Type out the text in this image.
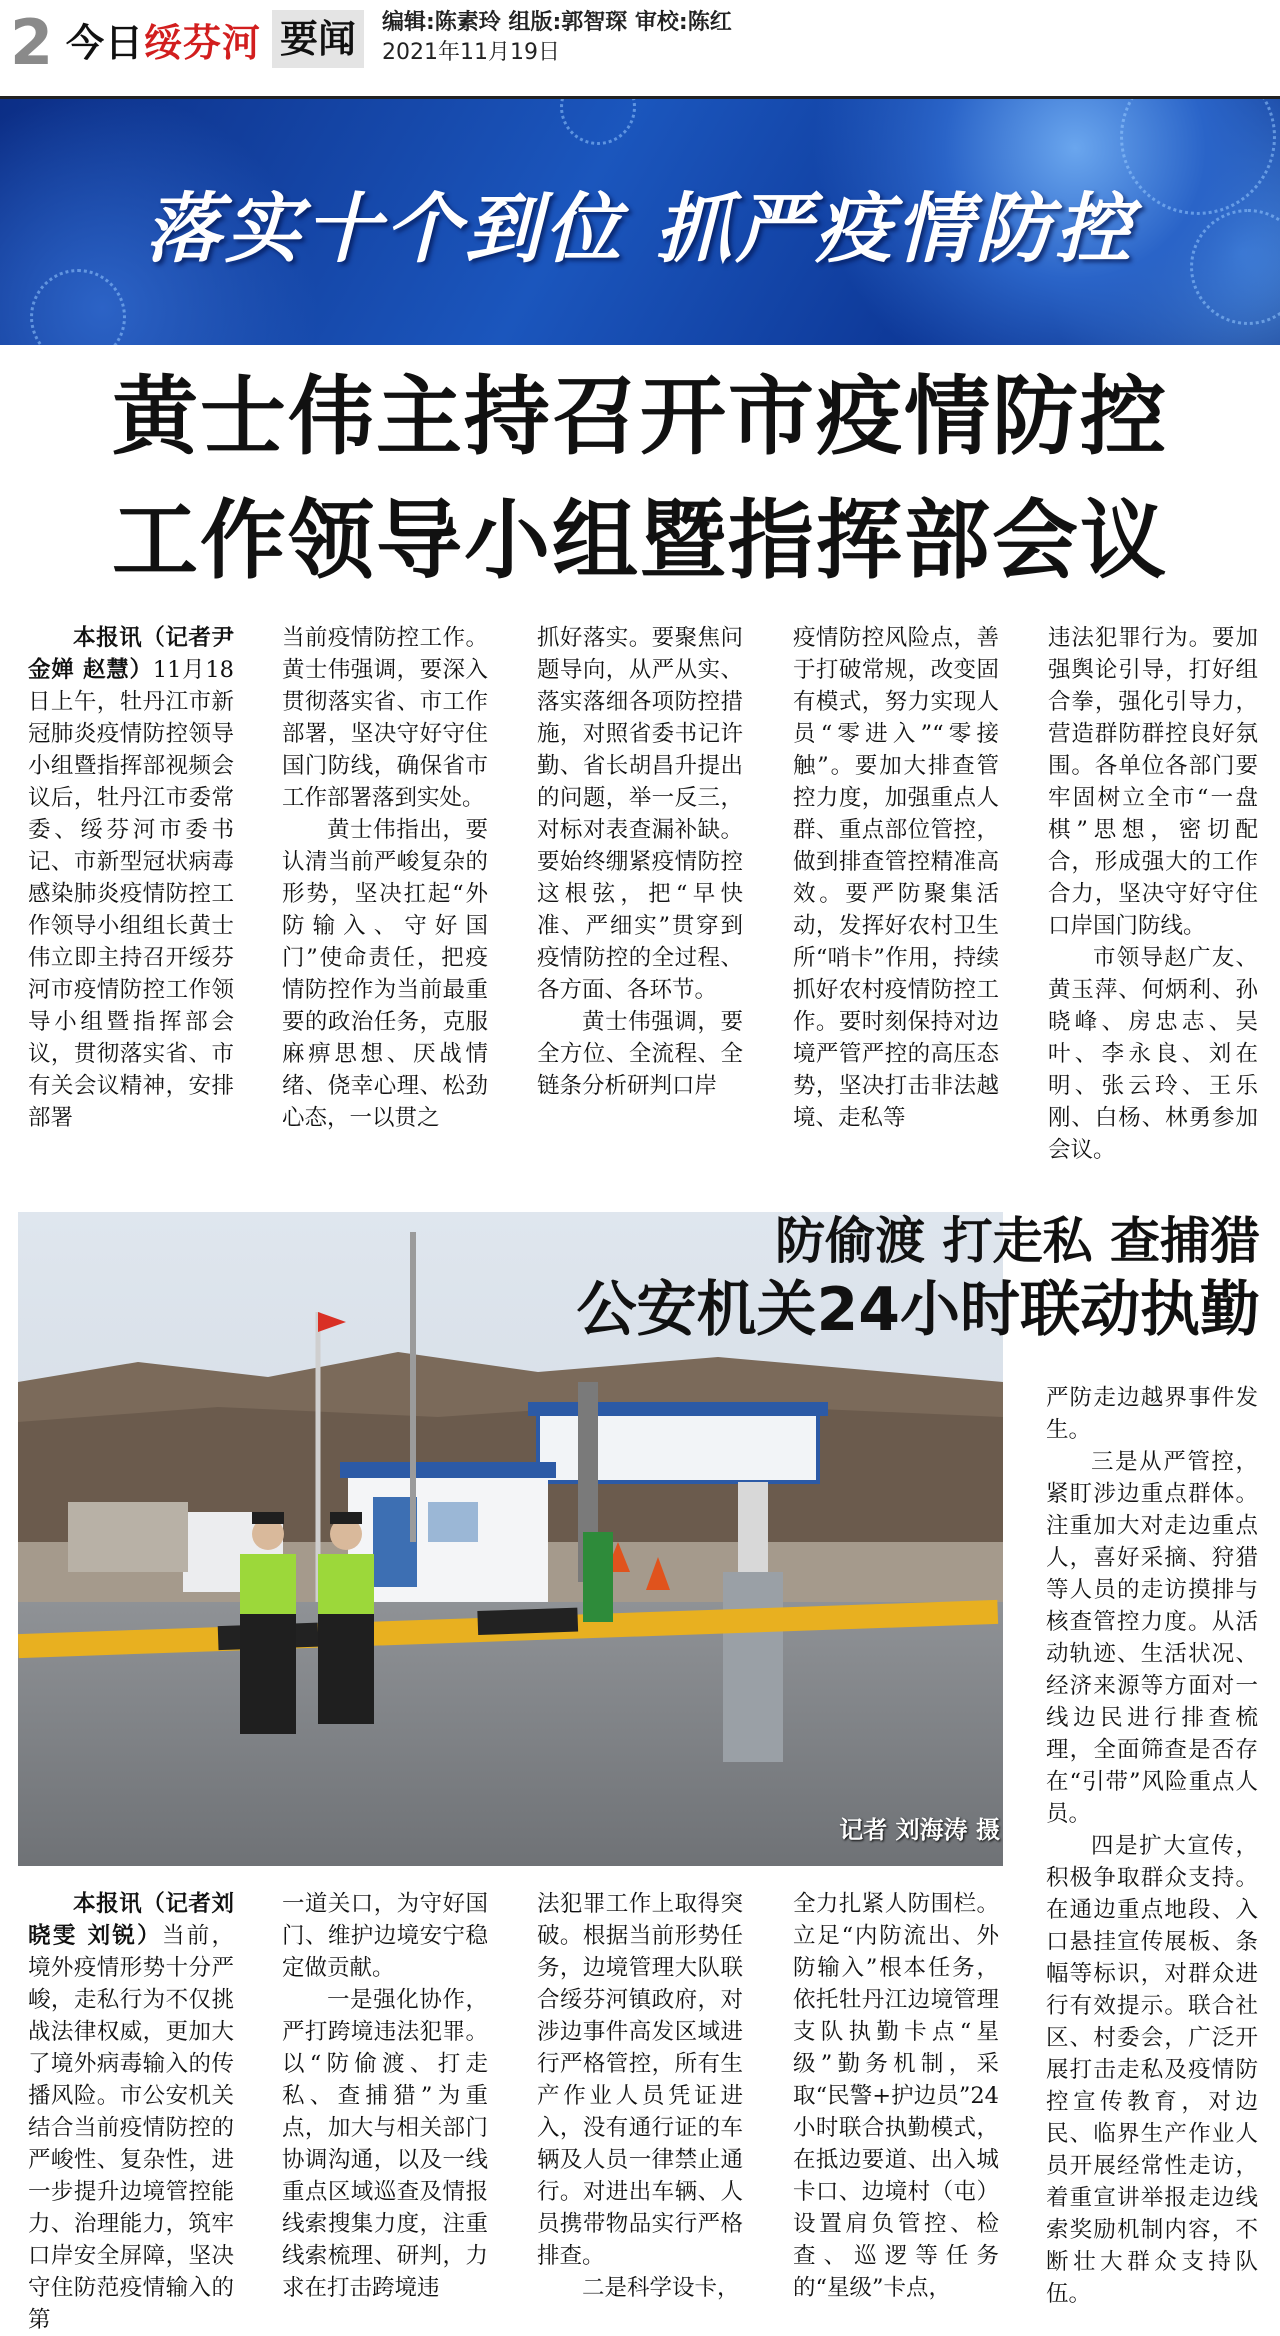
2 今日绥芬河 要闻	编辑:陈素玲 组版:郭智琛 审校:陈红
2021年11月19日
落实十个到位 抓严疫情防控
黄士伟主持召开市疫情防控
工作领导小组暨指挥部会议

本报讯（记者尹金婵 赵慧）11月18日上午，牡丹江市新冠肺炎疫情防控领导小组暨指挥部视频会议后，牡丹江市委常委、绥芬河市委书记、市新型冠状病毒感染肺炎疫情防控工作领导小组组长黄士伟立即主持召开绥芬河市疫情防控工作领导小组暨指挥部会议，贯彻落实省、市有关会议精神，安排部署

当前疫情防控工作。黄士伟强调，要深入贯彻落实省、市工作部署，坚决守好守住国门防线，确保省市工作部署落到实处。

黄士伟指出，要认清当前严峻复杂的形势，坚决扛起“外防输入、守好国门”使命责任，把疫情防控作为当前最重要的政治任务，克服麻痹思想、厌战情绪、侥幸心理、松劲心态，一以贯之

抓好落实。要聚焦问题导向，从严从实、落实落细各项防控措施，对照省委书记许勤、省长胡昌升提出的问题，举一反三，对标对表查漏补缺。要始终绷紧疫情防控这根弦，把“早快准、严细实”贯穿到疫情防控的全过程、各方面、各环节。

黄士伟强调，要全方位、全流程、全链条分析研判口岸

疫情防控风险点，善于打破常规，改变固有模式，努力实现人员“零进入”“零接触”。要加大排查管控力度，加强重点人群、重点部位管控，做到排查管控精准高效。要严防聚集活动，发挥好农村卫生所“哨卡”作用，持续抓好农村疫情防控工作。要时刻保持对边境严管严控的高压态势，坚决打击非法越境、走私等

违法犯罪行为。要加强舆论引导，打好组合拳，强化引导力，营造群防群控良好氛围。各单位各部门要牢固树立全市“一盘棋”思想，密切配合，形成强大的工作合力，坚决守好守住口岸国门防线。

市领导赵广友、黄玉萍、何炳利、孙晓峰、房忠志、吴叶、李永良、刘在明、张云玲、王乐刚、白杨、林勇参加会议。

防偷渡 打走私 查捕猎
公安机关24小时联动执勤
记者 刘海涛 摄

严防走边越界事件发生。

三是从严管控，紧盯涉边重点群体。注重加大对走边重点人，喜好采摘、狩猎等人员的走访摸排与核查管控力度。从活动轨迹、生活状况、经济来源等方面对一线边民进行排查梳理，全面筛查是否存在“引带”风险重点人员。

四是扩大宣传，积极争取群众支持。在通边重点地段、入口悬挂宣传展板、条幅等标识，对群众进行有效提示。联合社区、村委会，广泛开展打击走私及疫情防控宣传教育，对边民、临界生产作业人员开展经常性走访，着重宣讲举报走边线索奖励机制内容，不断壮大群众支持队伍。

本报讯（记者刘晓雯 刘锐）当前，境外疫情形势十分严峻，走私行为不仅挑战法律权威，更加大了境外病毒输入的传播风险。市公安机关结合当前疫情防控的严峻性、复杂性，进一步提升边境管控能力、治理能力，筑牢口岸安全屏障，坚决守住防范疫情输入的第

一道关口，为守好国门、维护边境安宁稳定做贡献。

一是强化协作，严打跨境违法犯罪。以“防偷渡、打走私、查捕猎”为重点，加大与相关部门协调沟通，以及一线重点区域巡查及情报线索搜集力度，注重线索梳理、研判，力求在打击跨境违

法犯罪工作上取得突破。根据当前形势任务，边境管理大队联合绥芬河镇政府，对涉边事件高发区域进行严格管控，所有生产作业人员凭证进入，没有通行证的车辆及人员一律禁止通行。对进出车辆、人员携带物品实行严格排查。

二是科学设卡，

全力扎紧人防围栏。立足“内防流出、外防输入”根本任务，依托牡丹江边境管理支队执勤卡点“星级”勤务机制，采取“民警+护边员”24小时联合执勤模式，在抵边要道、出入城卡口、边境村（屯）设置肩负管控、检查、巡逻等任务的“星级”卡点，
